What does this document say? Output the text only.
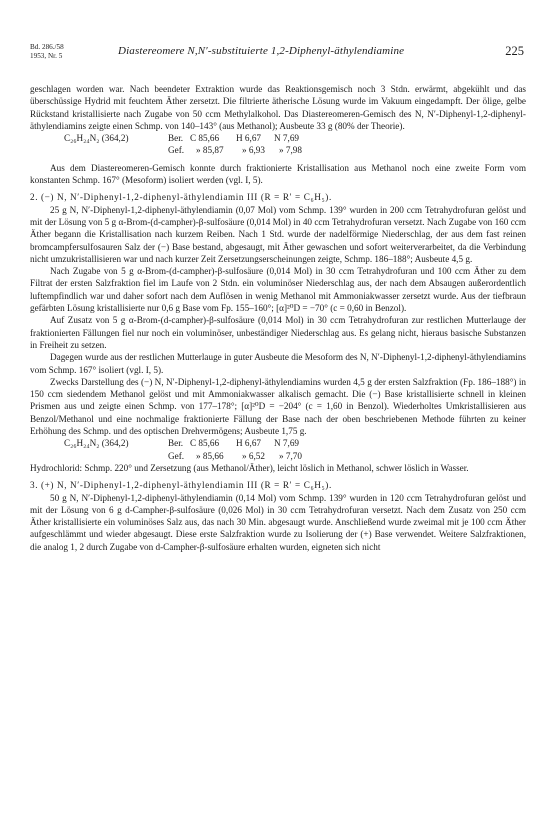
Bd. 286./58
1953, Nr. 5	Diastereomere N,N′-substituierte 1,2-Diphenyl-äthylendiamine	225

geschlagen worden war. Nach beendeter Extraktion wurde das Reaktionsgemisch noch 3 Stdn. erwärmt, abgekühlt und das überschüssige Hydrid mit feuchtem Äther zersetzt. Die filtrierte ätherische Lösung wurde im Vakuum eingedampft. Der ölige, gelbe Rückstand kristallisierte nach Zugabe von 50 ccm Methylalkohol. Das Diastereomeren-Gemisch des N, N′-Diphenyl-1,2-diphenyl-äthylendiamins zeigte einen Schmp. von 140–143° (aus Methanol); Ausbeute 33 g (80% der Theorie).

C₂₆H₂₄N₂ (364,2)	Ber. C 85,66 H 6,67 N 7,69
Gef. » 85,87 » 6,93 » 7,98

Aus dem Diastereomeren-Gemisch konnte durch fraktionierte Kristallisation aus Methanol noch eine zweite Form vom konstanten Schmp. 167° (Mesoform) isoliert werden (vgl. I, 5).

2. (−) N, N′-Diphenyl-1,2-diphenyl-äthylendiamin III (R = R′ = C₆H₅).

25 g N, N′-Diphenyl-1,2-diphenyl-äthylendiamin (0,07 Mol) vom Schmp. 139° wurden in 200 ccm Tetrahydrofuran gelöst und mit der Lösung von 5 g α-Brom-(d-campher)-β-sulfosäure (0,014 Mol) in 40 ccm Tetrahydrofuran versetzt. Nach Zugabe von 160 ccm Äther begann die Kristallisation nach kurzem Reiben. Nach 1 Std. wurde der nadelförmige Niederschlag, der aus dem fast reinen bromcampfersulfosauren Salz der (−) Base bestand, abgesaugt, mit Äther gewaschen und sofort weiterverarbeitet, da die Verbindung nicht umzukristallisieren war und nach kurzer Zeit Zersetzungserscheinungen zeigte, Schmp. 186–188°; Ausbeute 4,5 g.

Nach Zugabe von 5 g α-Brom-(d-campher)-β-sulfosäure (0,014 Mol) in 30 ccm Tetrahydrofuran und 100 ccm Äther zu dem Filtrat der ersten Salzfraktion fiel im Laufe von 2 Stdn. ein voluminöser Niederschlag aus, der nach dem Absaugen außerordentlich luftempfindlich war und daher sofort nach dem Auflösen in wenig Methanol mit Ammoniakwasser zersetzt wurde. Aus der tiefbraun gefärbten Lösung kristallisierte nur 0,6 g Base vom Fp. 155–160°; [α]²⁰D = −70° (c = 0,60 in Benzol).

Auf Zusatz von 5 g α-Brom-(d-campher)-β-sulfosäure (0,014 Mol) in 30 ccm Tetrahydrofuran zur restlichen Mutterlauge der fraktionierten Fällungen fiel nur noch ein voluminöser, unbeständiger Niederschlag aus. Es gelang nicht, hieraus basische Substanzen in Freiheit zu setzen.

Dagegen wurde aus der restlichen Mutterlauge in guter Ausbeute die Mesoform des N, N′-Diphenyl-1,2-diphenyl-äthylendiamins vom Schmp. 167° isoliert (vgl. I, 5).

Zwecks Darstellung des (−) N, N′-Diphenyl-1,2-diphenyl-äthylendiamins wurden 4,5 g der ersten Salzfraktion (Fp. 186–188°) in 150 ccm siedendem Methanol gelöst und mit Ammoniakwasser alkalisch gemacht. Die (−) Base kristallisierte schnell in kleinen Prismen aus und zeigte einen Schmp. von 177–178°; [α]²⁰D = −204° (c = 1,60 in Benzol). Wiederholtes Umkristallisieren aus Benzol/Methanol und eine nochmalige fraktionierte Fällung der Base nach der oben beschriebenen Methode führten zu keiner Erhöhung des Schmp. und des optischen Drehvermögens; Ausbeute 1,75 g.

C₂₆H₂₄N₂ (364,2)	Ber. C 85,66 H 6,67 N 7,69
Gef. » 85,66 » 6,52 » 7,70

Hydrochlorid: Schmp. 220° und Zersetzung (aus Methanol/Äther), leicht löslich in Methanol, schwer löslich in Wasser.

3. (+) N, N′-Diphenyl-1,2-diphenyl-äthylendiamin III (R = R′ = C₆H₅).

50 g N, N′-Diphenyl-1,2-diphenyl-äthylendiamin (0,14 Mol) vom Schmp. 139° wurden in 120 ccm Tetrahydrofuran gelöst und mit der Lösung von 6 g d-Campher-β-sulfosäure (0,026 Mol) in 30 ccm Tetrahydrofuran versetzt. Nach dem Zusatz von 250 ccm Äther kristallisierte ein voluminöses Salz aus, das nach 30 Min. abgesaugt wurde. Anschließend wurde zweimal mit je 100 ccm Äther aufgeschlämmt und wieder abgesaugt. Diese erste Salzfraktion wurde zu Isolierung der (+) Base verwendet. Weitere Salzfraktionen, die analog 1, 2 durch Zugabe von d-Campher-β-sulfosäure erhalten wurden, eigneten sich nicht
